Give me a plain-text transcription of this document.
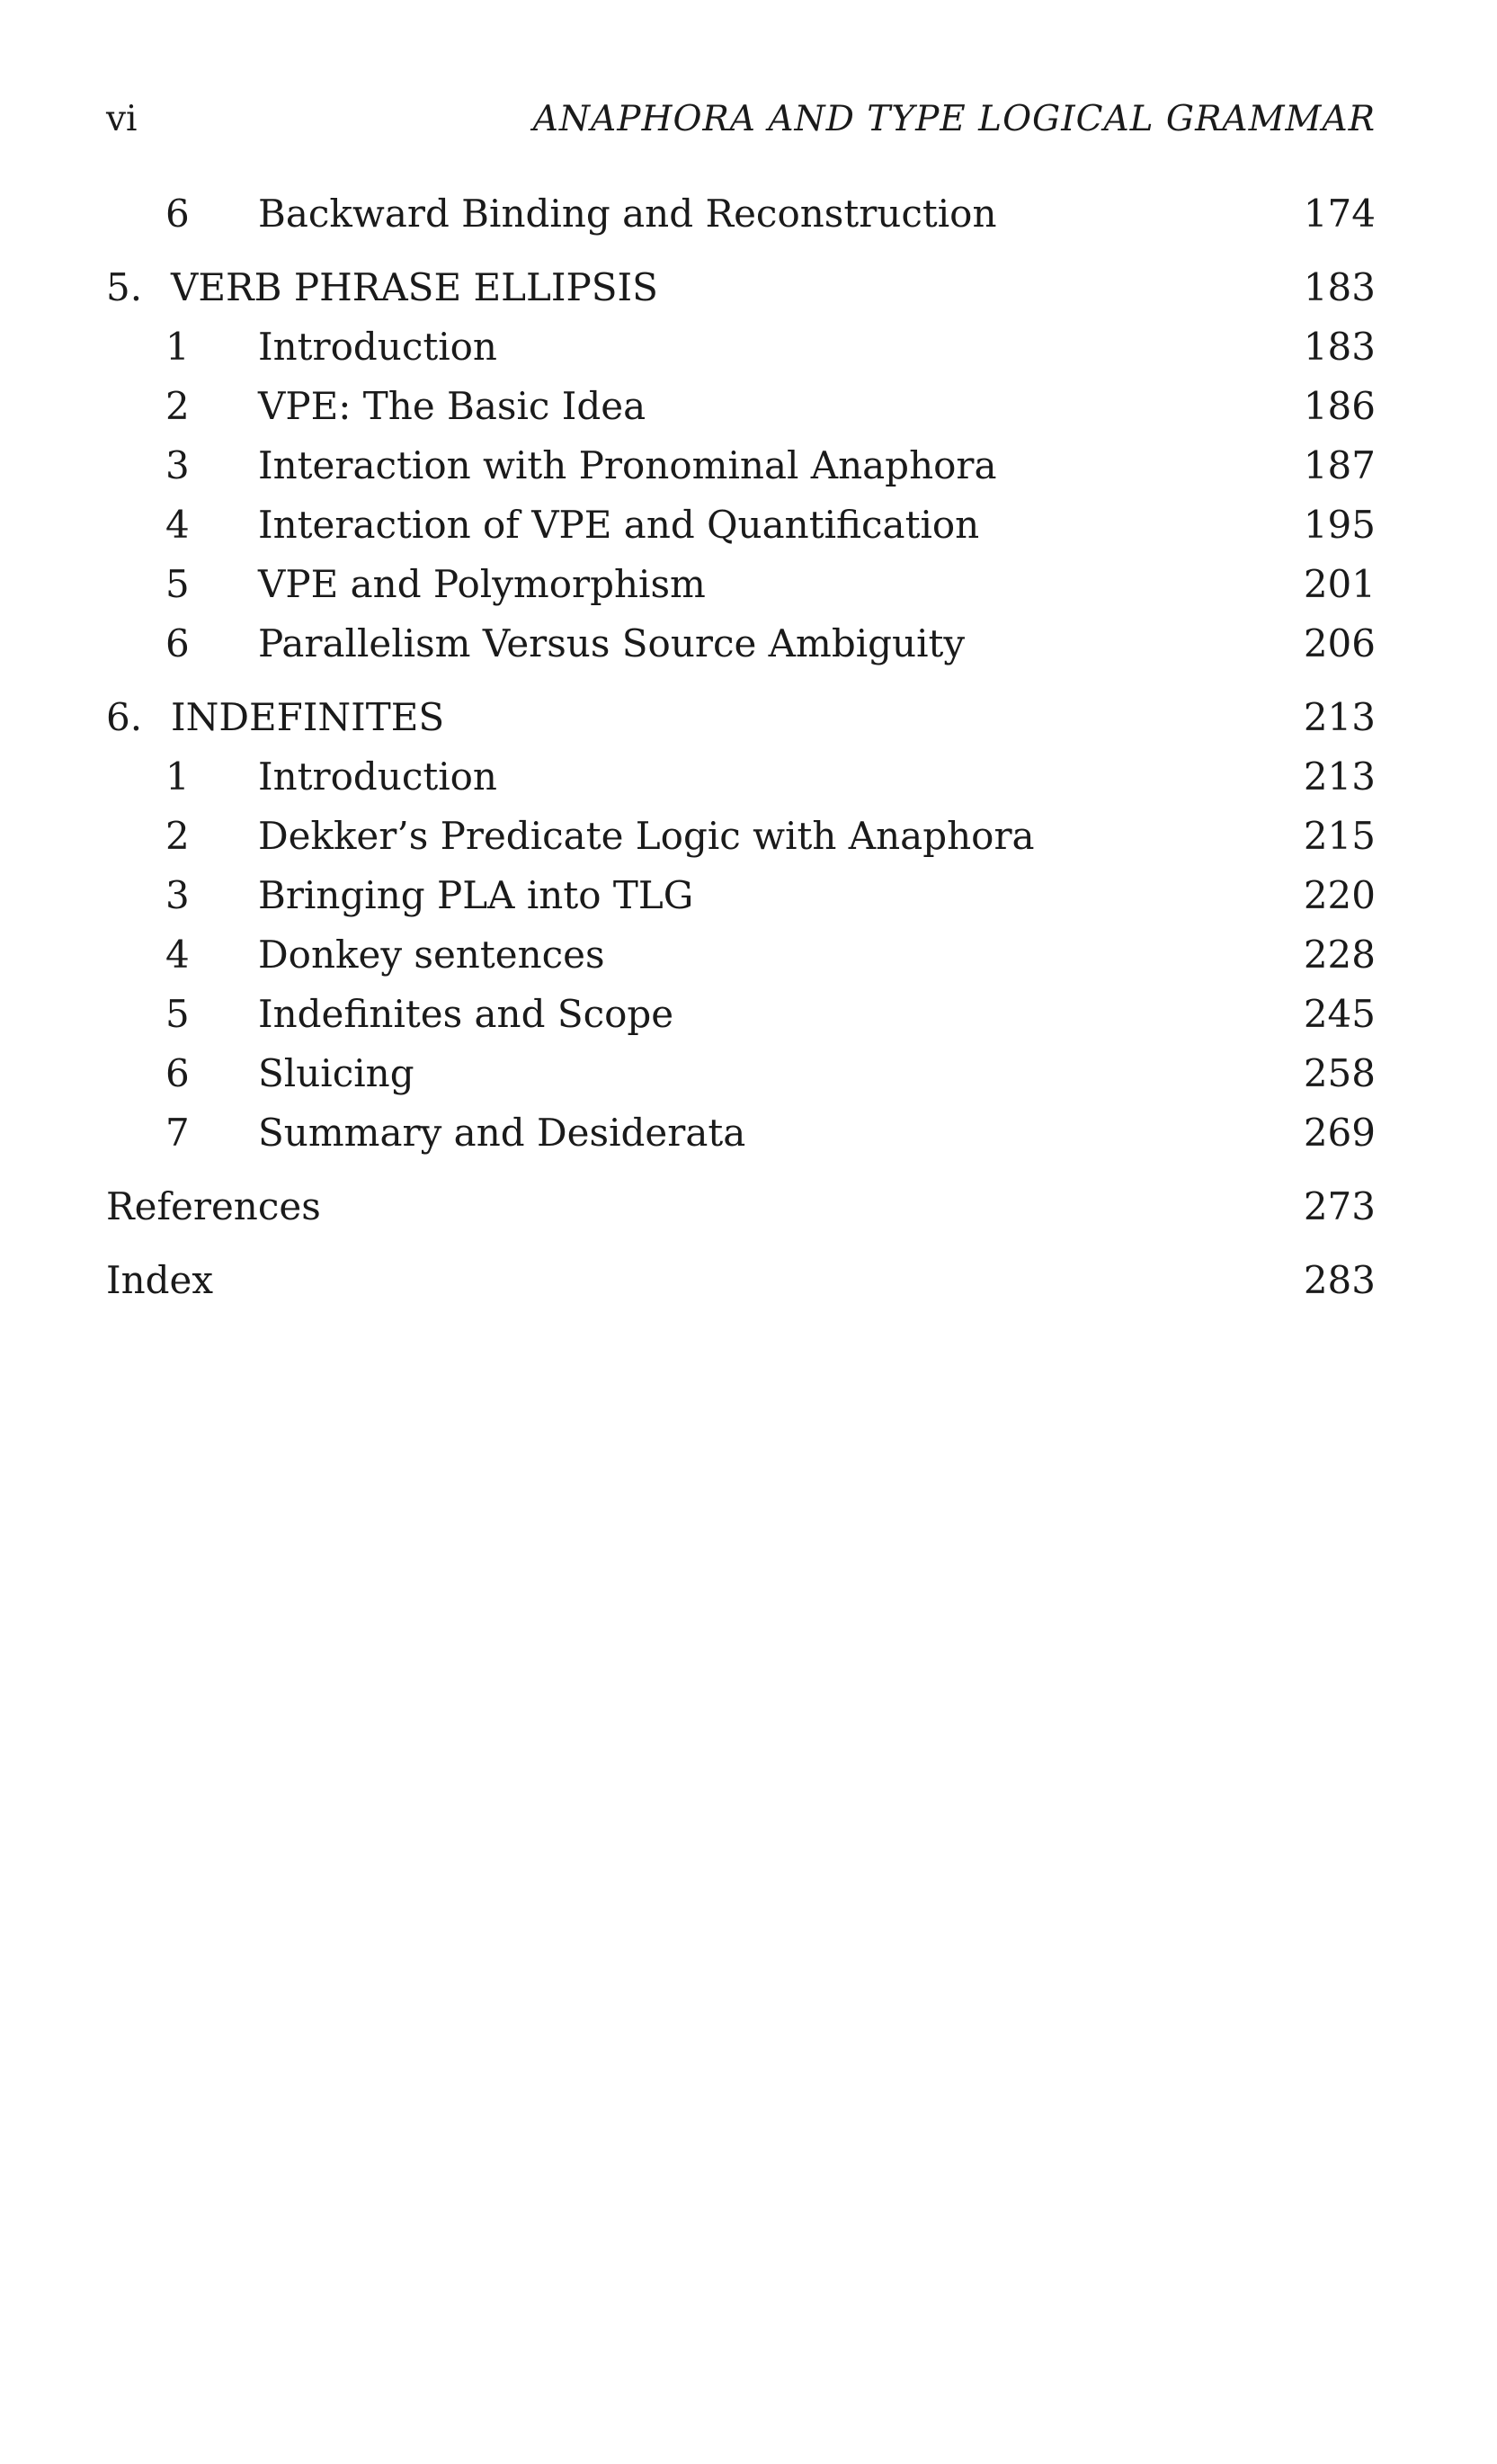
vi	ANAPHORA AND TYPE LOGICAL GRAMMAR
6 Backward Binding and Reconstruction	174
5. VERB PHRASE ELLIPSIS	183
1 Introduction	183
2 VPE: The Basic Idea	186
3 Interaction with Pronominal Anaphora	187
4 Interaction of VPE and Quantification	195
5 VPE and Polymorphism	201
6 Parallelism Versus Source Ambiguity	206
6. INDEFINITES	213
1 Introduction	213
2 Dekker’s Predicate Logic with Anaphora	215
3 Bringing PLA into TLG	220
4 Donkey sentences	228
5 Indefinites and Scope	245
6 Sluicing	258
7 Summary and Desiderata	269
References	273
Index	283
